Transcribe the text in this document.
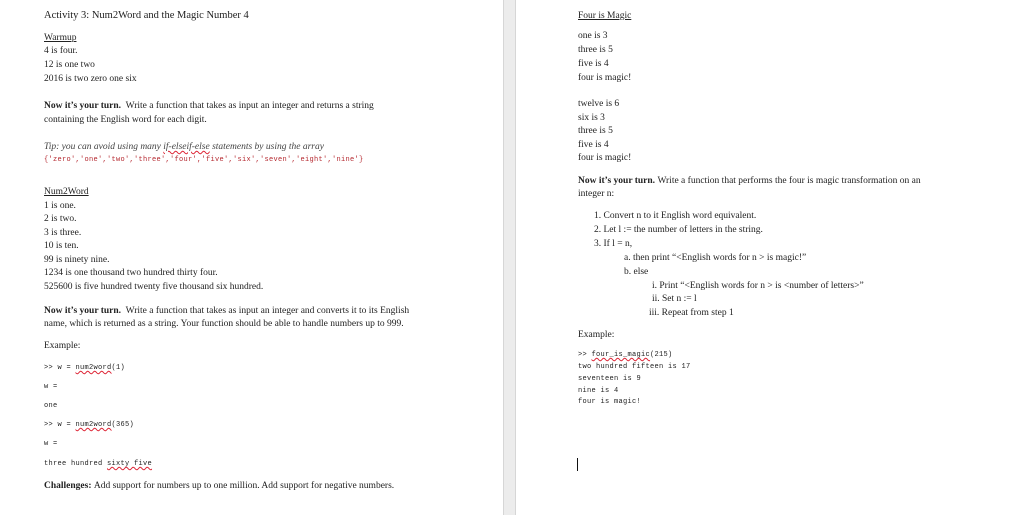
Activity 3: Num2Word and the Magic Number 4
Warmup
4 is four.
12 is one two
2016 is two zero one six
Now it’s your turn. Write a function that takes as input an integer and returns a string
containing the English word for each digit.
Tip: you can avoid using many if-elseif-else statements by using the array
{'zero','one','two','three','four','five','six','seven','eight','nine'}
Num2Word
1 is one.
2 is two.
3 is three.
10 is ten.
99 is ninety nine.
1234 is one thousand two hundred thirty four.
525600 is five hundred twenty five thousand six hundred.
Now it’s your turn. Write a function that takes as input an integer and converts it to its English
name, which is returned as a string. Your function should be able to handle numbers up to 999.
Example:
>> w = num2word(1)
w =
one
>> w = num2word(365)
w =
three hundred sixty five
Challenges: Add support for numbers up to one million. Add support for negative numbers.
Four is Magic
one is 3
three is 5
five is 4
four is magic!
twelve is 6
six is 3
three is 5
five is 4
four is magic!
Now it’s your turn. Write a function that performs the four is magic transformation on an
integer n:
1. Convert n to it English word equivalent.
2. Let l := the number of letters in the string.
3. If l = n,
a. then print “<English words for n > is magic!”
b. else
i. Print “<English words for n > is <number of letters>”
ii. Set n := l
iii. Repeat from step 1
Example:
>> four_is_magic(215)
two hundred fifteen is 17
seventeen is 9
nine is 4
four is magic!
